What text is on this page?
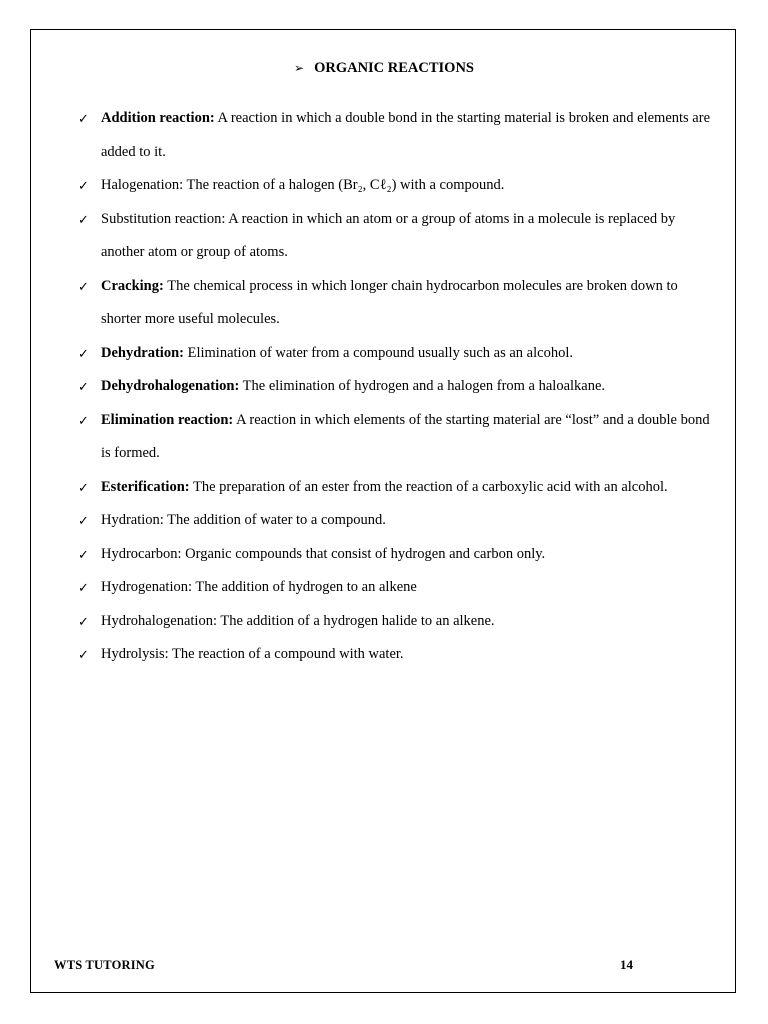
➢ ORGANIC REACTIONS
✓ Addition reaction: A reaction in which a double bond in the starting material is broken and elements are added to it.
✓ Halogenation: The reaction of a halogen (Br₂, Cℓ₂) with a compound.
✓ Substitution reaction: A reaction in which an atom or a group of atoms in a molecule is replaced by another atom or group of atoms.
✓ Cracking: The chemical process in which longer chain hydrocarbon molecules are broken down to shorter more useful molecules.
✓ Dehydration: Elimination of water from a compound usually such as an alcohol.
✓ Dehydrohalogenation: The elimination of hydrogen and a halogen from a haloalkane.
✓ Elimination reaction: A reaction in which elements of the starting material are “lost” and a double bond is formed.
✓ Esterification: The preparation of an ester from the reaction of a carboxylic acid with an alcohol.
✓ Hydration: The addition of water to a compound.
✓ Hydrocarbon: Organic compounds that consist of hydrogen and carbon only.
✓ Hydrogenation: The addition of hydrogen to an alkene
✓ Hydrohalogenation: The addition of a hydrogen halide to an alkene.
✓ Hydrolysis: The reaction of a compound with water.
WTS TUTORING	14
